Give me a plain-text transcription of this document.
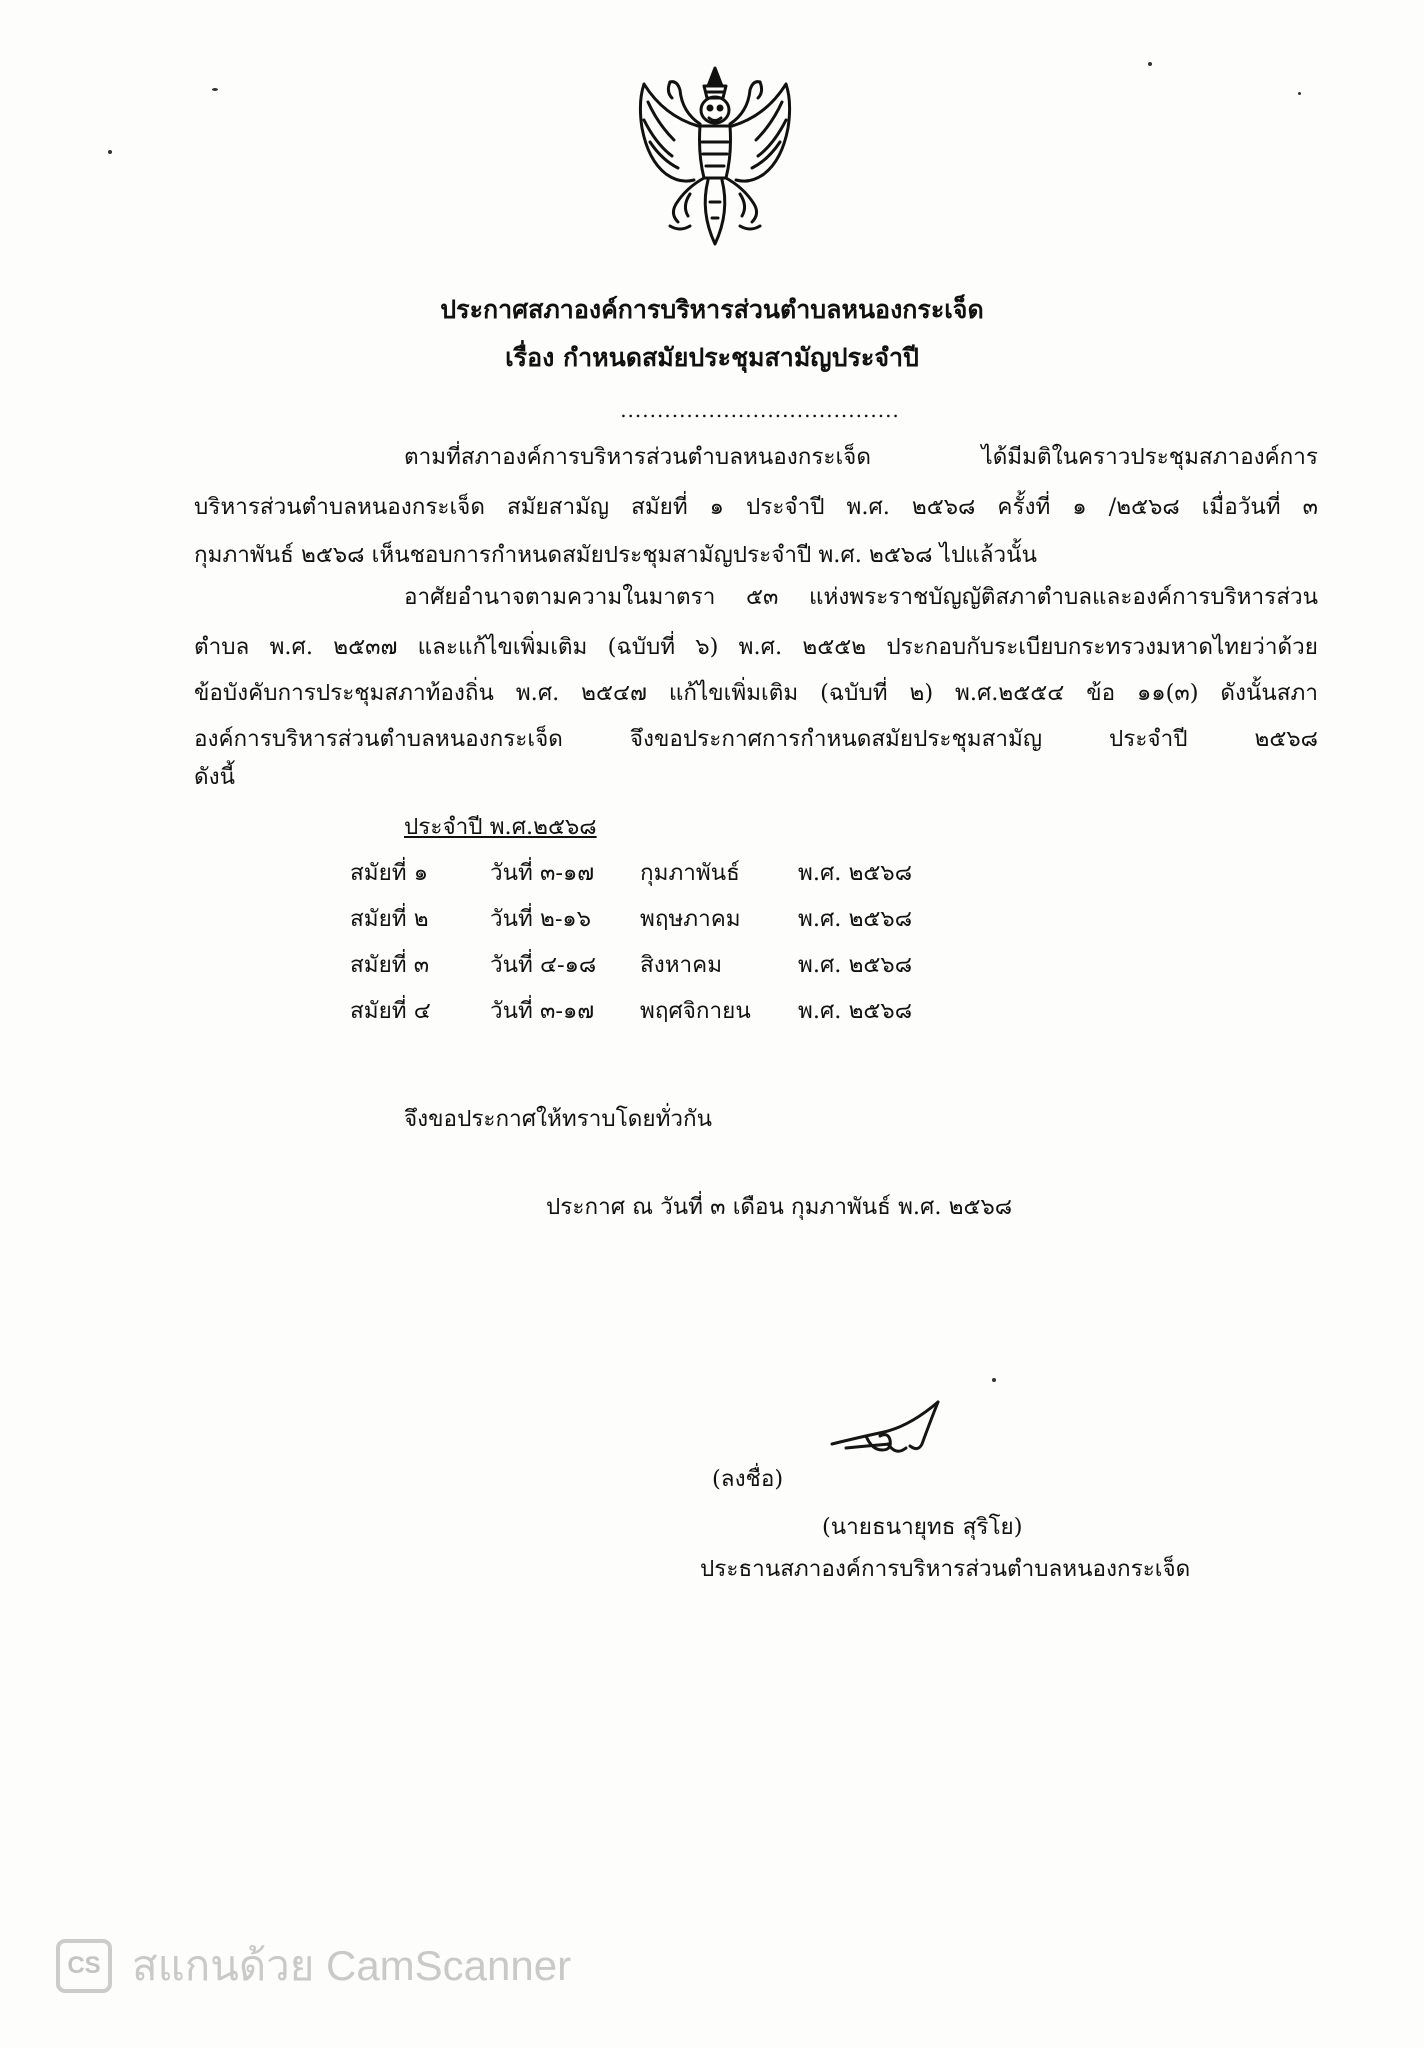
ประกาศสภาองค์การบริหารส่วนตำบลหนองกระเจ็ด
เรื่อง กำหนดสมัยประชุมสามัญประจำปี
......................................
ตามที่สภาองค์การบริหารส่วนตำบลหนองกระเจ็ด ได้มีมติในคราวประชุมสภาองค์การ
บริหารส่วนตำบลหนองกระเจ็ด สมัยสามัญ สมัยที่ ๑ ประจำปี พ.ศ. ๒๕๖๘ ครั้งที่ ๑ /๒๕๖๘ เมื่อวันที่ ๓
กุมภาพันธ์ ๒๕๖๘ เห็นชอบการกำหนดสมัยประชุมสามัญประจำปี พ.ศ. ๒๕๖๘ ไปแล้วนั้น
อาศัยอำนาจตามความในมาตรา ๕๓ แห่งพระราชบัญญัติสภาตำบลและองค์การบริหารส่วน
ตำบล พ.ศ. ๒๕๓๗ และแก้ไขเพิ่มเติม (ฉบับที่ ๖) พ.ศ. ๒๕๕๒ ประกอบกับระเบียบกระทรวงมหาดไทยว่าด้วย
ข้อบังคับการประชุมสภาท้องถิ่น พ.ศ. ๒๕๔๗ แก้ไขเพิ่มเติม (ฉบับที่ ๒) พ.ศ.๒๕๕๔ ข้อ ๑๑(๓) ดังนั้นสภา
องค์การบริหารส่วนตำบลหนองกระเจ็ด จึงขอประกาศการกำหนดสมัยประชุมสามัญ ประจำปี ๒๕๖๘
ดังนี้
ประจำปี พ.ศ.๒๕๖๘
สมัยที่ ๑	วันที่ ๓-๑๗ กุมภาพันธ์	พ.ศ. ๒๕๖๘
สมัยที่ ๒	วันที่ ๒-๑๖ พฤษภาคม	พ.ศ. ๒๕๖๘
สมัยที่ ๓	วันที่ ๔-๑๘ สิงหาคม	พ.ศ. ๒๕๖๘
สมัยที่ ๔	วันที่ ๓-๑๗ พฤศจิกายน พ.ศ. ๒๕๖๘
จึงขอประกาศให้ทราบโดยทั่วกัน
ประกาศ ณ วันที่ ๓ เดือน กุมภาพันธ์ พ.ศ. ๒๕๖๘
(ลงชื่อ)
(นายธนายุทธ สุริโย)
ประธานสภาองค์การบริหารส่วนตำบลหนองกระเจ็ด
CS สแกนด้วย CamScanner
